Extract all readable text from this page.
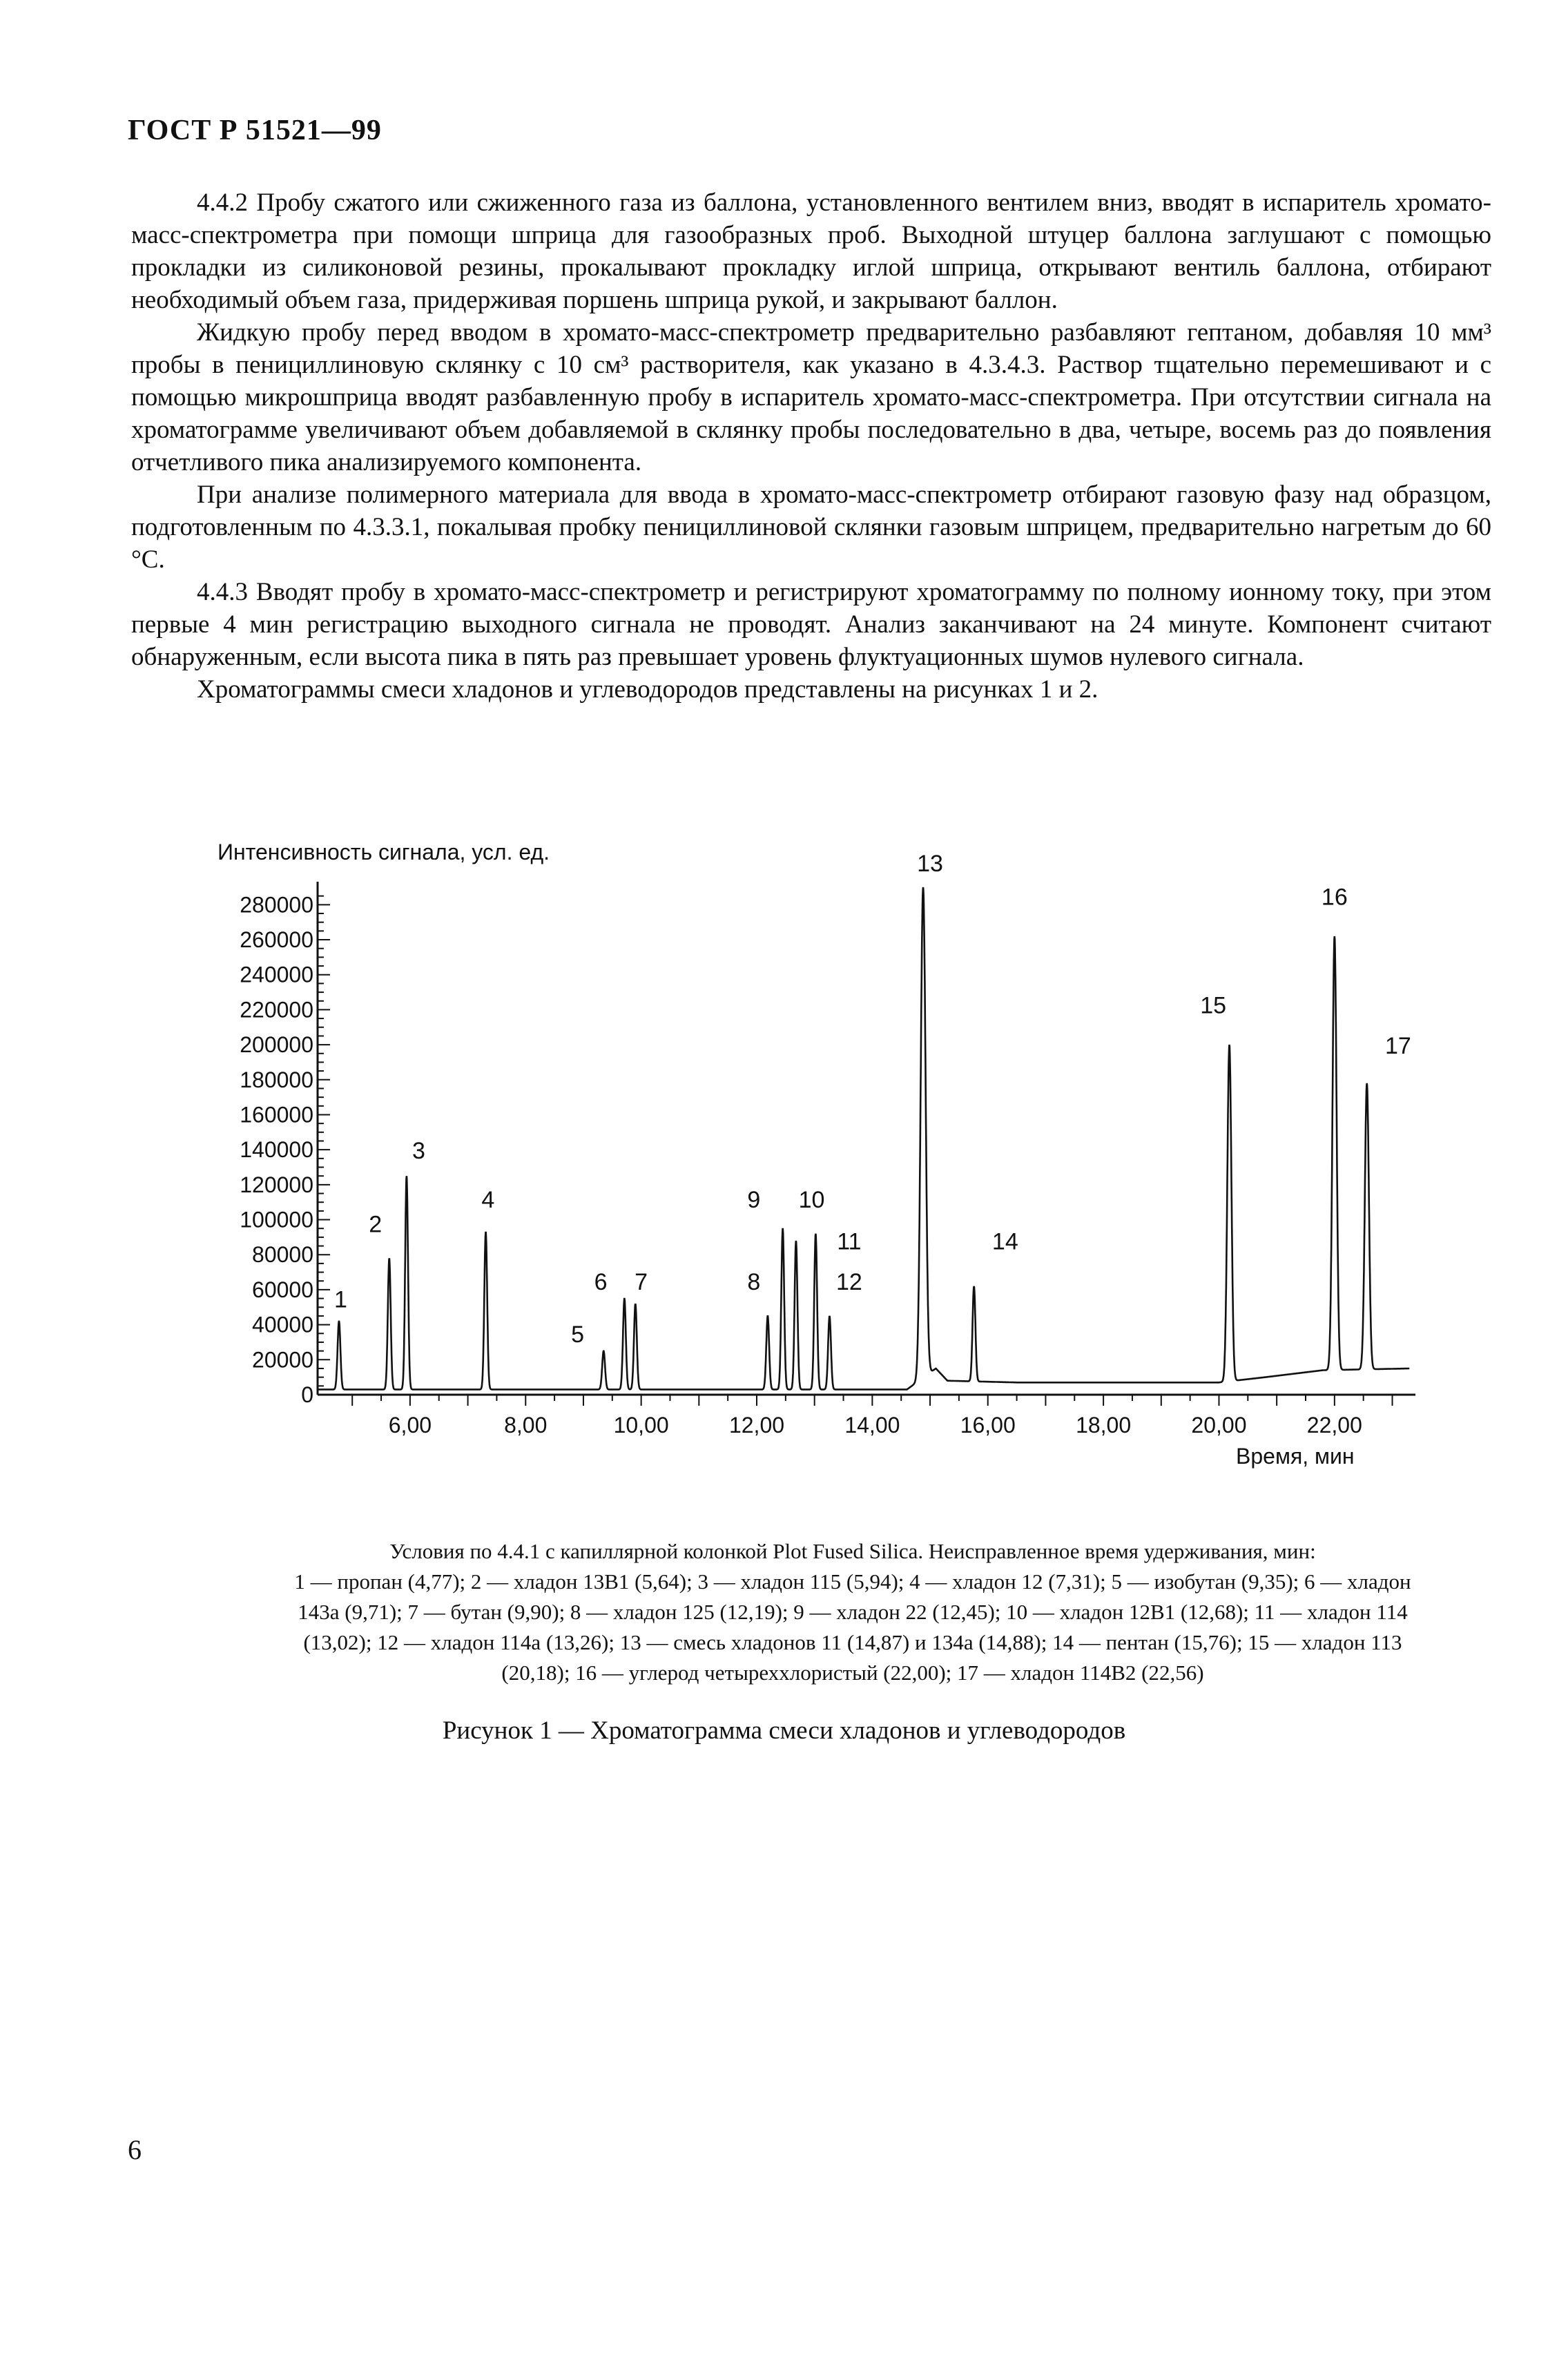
ГОСТ Р 51521—99

4.4.2 Пробу сжатого или сжиженного газа из баллона, установленного вентилем вниз, вводят в испаритель хромато-масс-спектрометра при помощи шприца для газообразных проб. Выходной штуцер баллона заглушают с помощью прокладки из силиконовой резины, прокалывают прокладку иглой шприца, открывают вентиль баллона, отбирают необходимый объем газа, придерживая поршень шприца рукой, и закрывают баллон.

Жидкую пробу перед вводом в хромато-масс-спектрометр предварительно разбавляют гептаном, добавляя 10 мм³ пробы в пенициллиновую склянку с 10 см³ растворителя, как указано в 4.3.4.3. Раствор тщательно перемешивают и с помощью микрошприца вводят разбавленную пробу в испаритель хромато-масс-спектрометра. При отсутствии сигнала на хроматограмме увеличивают объем добавляемой в склянку пробы последовательно в два, четыре, восемь раз до появления отчетливого пика анализируемого компонента.

При анализе полимерного материала для ввода в хромато-масс-спектрометр отбирают газовую фазу над образцом, подготовленным по 4.3.3.1, покалывая пробку пенициллиновой склянки газовым шприцем, предварительно нагретым до 60 °С.

4.4.3 Вводят пробу в хромато-масс-спектрометр и регистрируют хроматограмму по полному ионному току, при этом первые 4 мин регистрацию выходного сигнала не проводят. Анализ заканчивают на 24 минуте. Компонент считают обнаруженным, если высота пика в пять раз превышает уровень флуктуационных шумов нулевого сигнала.

Хроматограммы смеси хладонов и углеводородов представлены на рисунках 1 и 2.

Интенсивность сигнала, усл. ед.
Время, мин
0
20000
40000
60000
80000
100000
120000
140000
160000
180000
200000
220000
240000
260000
280000
6,00	8,00	10,00	12,00	14,00	16,00	18,00	20,00	22,00
1
2
3
4
5
6 7	8
9 10
11
12
13
14
15
16
17
Условия по 4.4.1 с капиллярной колонкой Plot Fused Silica. Неисправленное время удерживания, мин:
1 — пропан (4,77); 2 — хладон 13В1 (5,64); 3 — хладон 115 (5,94); 4 — хладон 12 (7,31); 5 — изобутан (9,35); 6 — хладон
143а (9,71); 7 — бутан (9,90); 8 — хладон 125 (12,19); 9 — хладон 22 (12,45); 10 — хладон 12В1 (12,68); 11 — хладон 114
(13,02); 12 — хладон 114а (13,26); 13 — смесь хладонов 11 (14,87) и 134а (14,88); 14 — пентан (15,76); 15 — хладон 113
(20,18); 16 — углерод четыреххлористый (22,00); 17 — хладон 114В2 (22,56)
Рисунок 1 — Хроматограмма смеси хладонов и углеводородов
6
